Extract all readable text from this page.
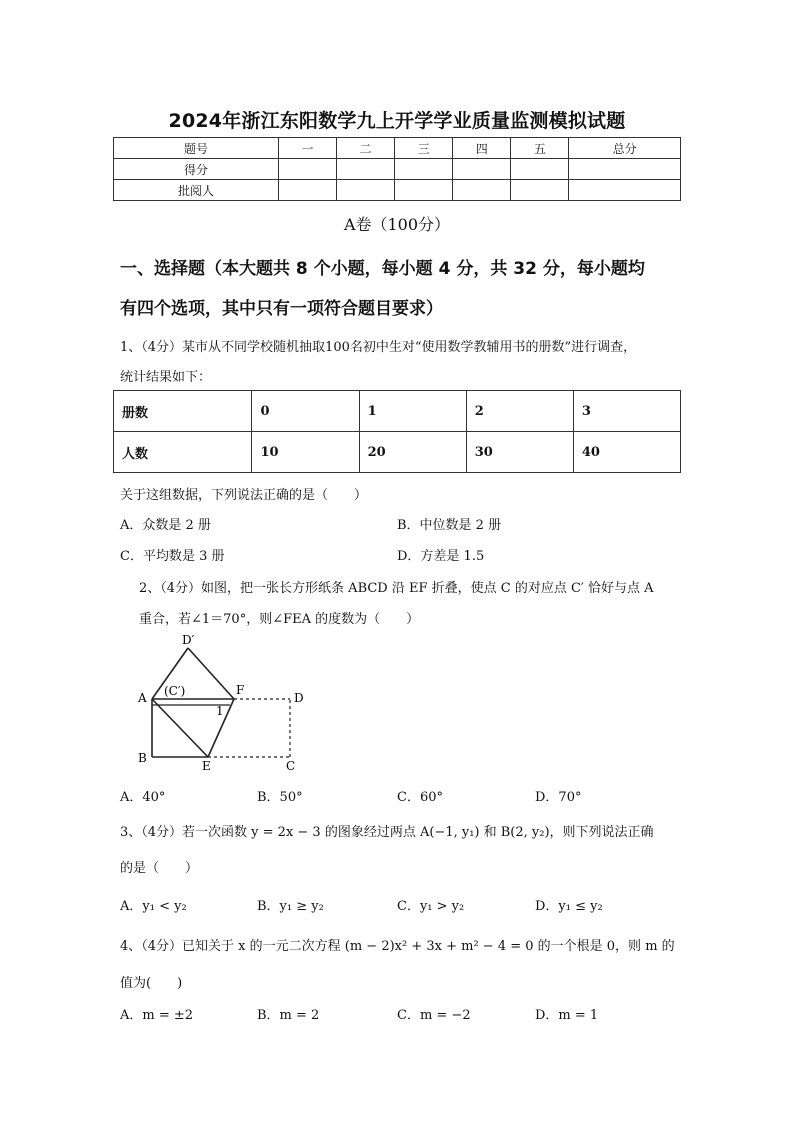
2024年浙江东阳数学九上开学学业质量监测模拟试题
题号	一	二	三	四	五	总分
得分						
批阅人						
A卷（100分）
一、选择题（本大题共 8 个小题，每小题 4 分，共 32 分，每小题均
有四个选项，其中只有一项符合题目要求）
1、（4分）某市从不同学校随机抽取100名初中生对“使用数学教辅用书的册数”进行调查，
统计结果如下：
册数	0	1	2	3
人数	10	20	30	40
关于这组数据，下列说法正确的是（　　）
A．众数是 2 册	B．中位数是 2 册
C．平均数是 3 册	D．方差是 1.5
2、（4分）如图，把一张长方形纸条 ABCD 沿 EF 折叠，使点 C 的对应点 C′ 恰好与点 A
重合，若∠1＝70°，则∠FEA 的度数为（　　）
D′
A (C′)	F
D
1
B
E	C
A．40°	B．50°	C．60°	D．70°
3、（4分）若一次函数 y = 2x − 3 的图象经过两点 A(−1, y₁) 和 B(2, y₂)，则下列说法正确
的是（　　）
A．y₁ < y₂	B．y₁ ≥ y₂	C．y₁ > y₂	D．y₁ ≤ y₂
4、（4分）已知关于 x 的一元二次方程 (m − 2)x² + 3x + m² − 4 = 0 的一个根是 0，则 m 的
值为(　　)
A．m = ±2	B．m = 2	C．m = −2	D．m = 1
